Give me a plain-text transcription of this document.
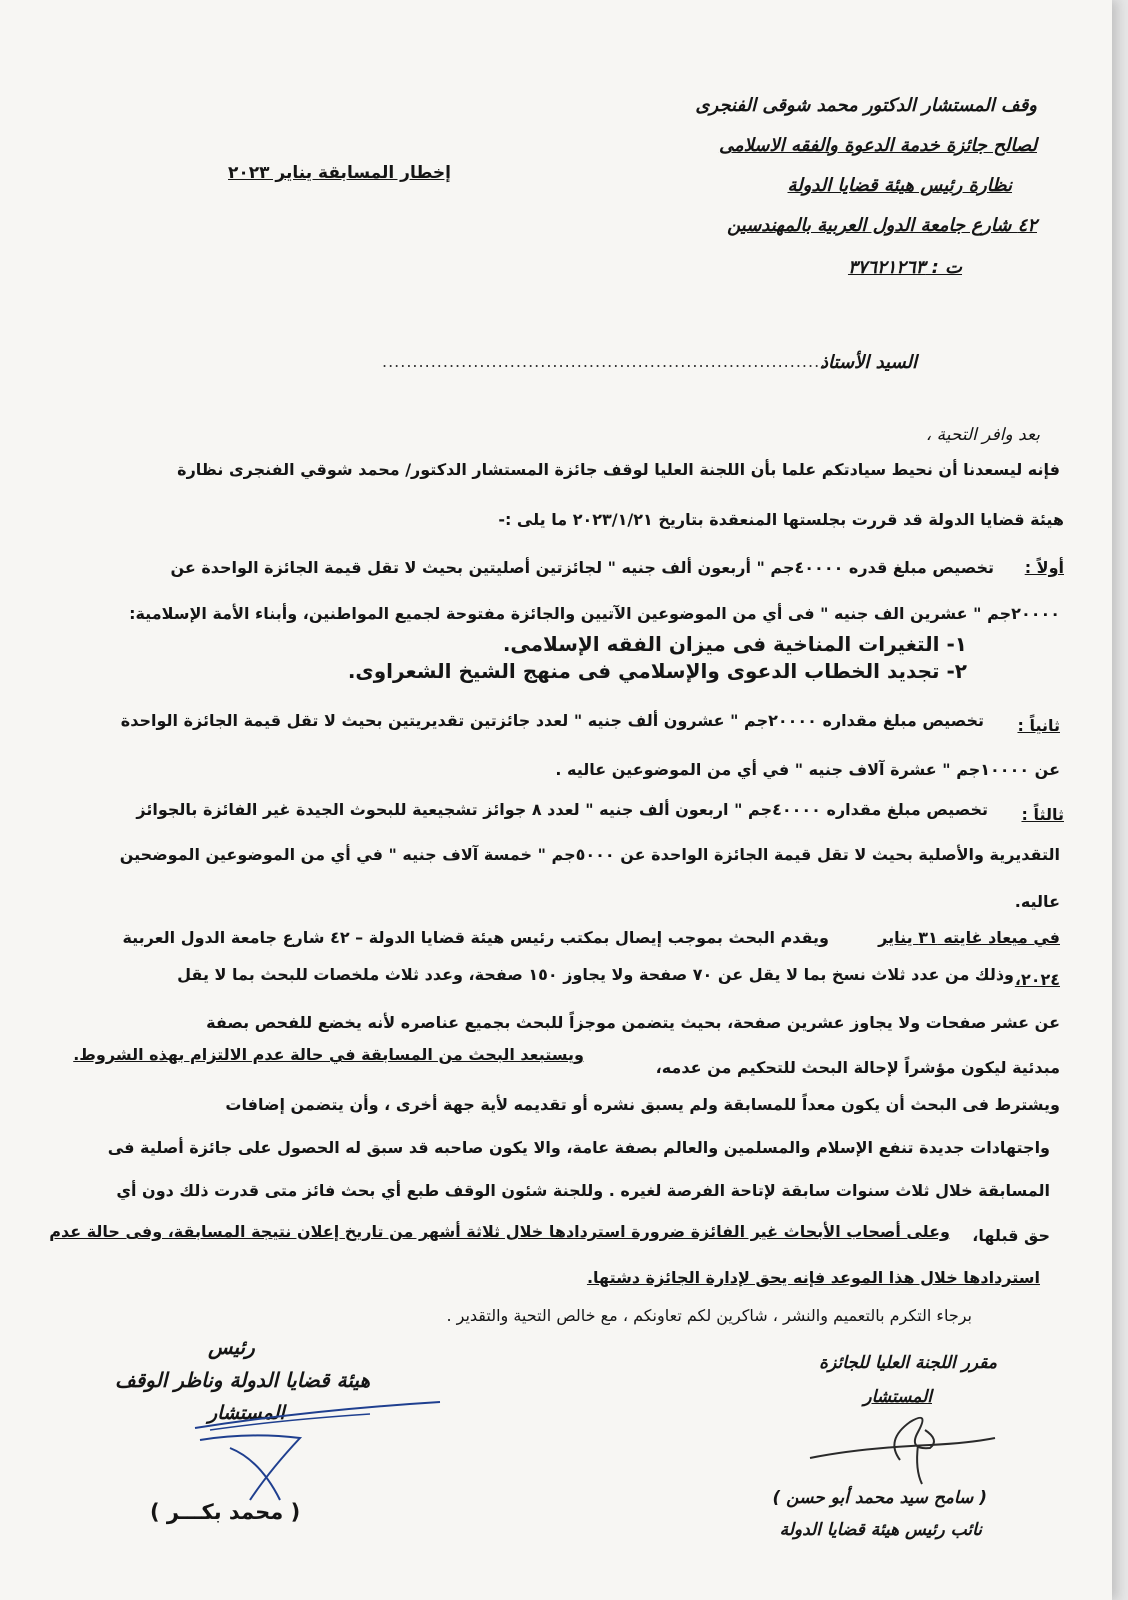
وقف المستشار الدكتور محمد شوقى الفنجرى
لصالح جائزة خدمة الدعوة والفقه الاسلامى
نظارة رئيس هيئة قضايا الدولة
٤٢ شارع جامعة الدول العربية بالمهندسين
ت : ٣٧٦٢١٢٦٣
إخطار المسابقة يناير ٢٠٢٣
السيد الأستاذ
.........................................................................
بعد وافر التحية ،
فإنه ليسعدنا أن نحيط سيادتكم علما بأن اللجنة العليا لوقف جائزة المستشار الدكتور/ محمد شوقي الفنجرى نظارة
هيئة قضايا الدولة قد قررت بجلستها المنعقدة بتاريخ ٢٠٢٣/١/٢١ ما يلى :-
أولاً :
تخصيص مبلغ قدره ٤٠٠٠٠جم " أربعون ألف جنيه " لجائزتين أصليتين بحيث لا تقل قيمة الجائزة الواحدة عن
٢٠٠٠٠جم " عشرين الف جنيه " فى أي من الموضوعين الآتيين والجائزة مفتوحة لجميع المواطنين، وأبناء الأمة الإسلامية:
١- التغيرات المناخية فى ميزان الفقه الإسلامى.
٢- تجديد الخطاب الدعوى والإسلامي فى منهج الشيخ الشعراوى.
ثانياً :
تخصيص مبلغ مقداره ٢٠٠٠٠جم " عشرون ألف جنيه " لعدد جائزتين تقديريتين بحيث لا تقل قيمة الجائزة الواحدة
عن ١٠٠٠٠جم " عشرة آلاف جنيه " في أي من الموضوعين عاليه .
ثالثاً :
تخصيص مبلغ مقداره ٤٠٠٠٠جم " اربعون ألف جنيه " لعدد ٨ جوائز تشجيعية للبحوث الجيدة غير الفائزة بالجوائز
التقديرية والأصلية بحيث لا تقل قيمة الجائزة الواحدة عن ٥٠٠٠جم " خمسة آلاف جنيه " في أي من الموضوعين الموضحين
عاليه.
ويقدم البحث بموجب إيصال بمكتب رئيس هيئة قضايا الدولة – ٤٢ شارع جامعة الدول العربية	في ميعاد غايته ٣١ يناير
٢٠٢٤،
وذلك من عدد ثلاث نسخ بما لا يقل عن ٧٠ صفحة ولا يجاوز ١٥٠ صفحة، وعدد ثلاث ملخصات للبحث بما لا يقل
عن عشر صفحات ولا يجاوز عشرين صفحة، بحيث يتضمن موجزاً للبحث بجميع عناصره لأنه يخضع للفحص بصفة
مبدئية ليكون مؤشراً لإحالة البحث للتحكيم من عدمه،
ويستبعد البحث من المسابقة في حالة عدم الالتزام بهذه الشروط.
ويشترط فى البحث أن يكون معداً للمسابقة ولم يسبق نشره أو تقديمه لأية جهة أخرى ، وأن يتضمن إضافات
واجتهادات جديدة تنفع الإسلام والمسلمين والعالم بصفة عامة، والا يكون صاحبه قد سبق له الحصول على جائزة أصلية فى
المسابقة خلال ثلاث سنوات سابقة لإتاحة الفرصة لغيره . وللجنة شئون الوقف طبع أي بحث فائز متى قدرت ذلك دون أي
حق قبلها،
وعلى أصحاب الأبحاث غير الفائزة ضرورة استردادها خلال ثلاثة أشهر من تاريخ إعلان نتيجة المسابقة، وفى حالة عدم
استردادها خلال هذا الموعد فإنه يحق لإدارة الجائزة دشتها.
برجاء التكرم بالتعميم والنشر ، شاكرين لكم تعاونكم ، مع خالص التحية والتقدير .
مقرر اللجنة العليا للجائزة
المستشار
( سامح سيد محمد أبو حسن )
نائب رئيس هيئة قضايا الدولة
رئيس
هيئة قضايا الدولة وناظر الوقف
المستشار
( محمد بكـــر )
